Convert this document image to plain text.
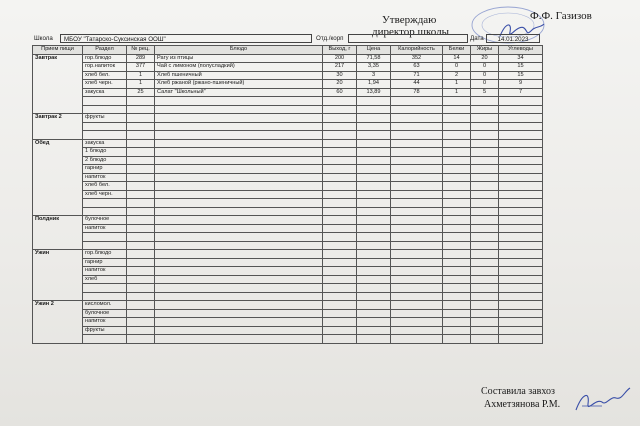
Ф.Ф. Газизов
Утверждаю
директор школы
Школа	МБОУ "Татарско-Суксинская ООШ"	Отд./корп	Дата	14.01.2023
Прием пищи	Раздел	№ рец.	Блюдо	Выход, г	Цена	Калорийность	Белки	Жиры	Углеводы
Завтрак	гор.блюдо	289	Рагу из птицы	200	71,58	352	14	20	34
	гор.напиток	377	Чай с лимоном (полусладкий)	217	3,35	63	0	0	15
	хлеб бел.	1	Хлеб пшеничный	30	3	71	2	0	15
	хлеб черн.	1	Хлеб ржаной (ржано-пшеничный)	20	1,94	44	1	0	9
	закуска	25	Салат "Школьный"	60	13,89	78	1	5	7

Завтрак 2	фрукты								

Обед	закуска								
	1 блюдо								
	2 блюдо								
	гарнир								
	напиток								
	хлеб бел.								
	хлеб черн.								

Полдник	булочное								
	напиток								

Ужин	гор.блюдо								
	гарнир								
	напиток								
	хлеб								

Ужин 2	кисломол.								
	булочное								
	напиток								
	фрукты								

Составила завхоз
Ахметзянова Р.М.
